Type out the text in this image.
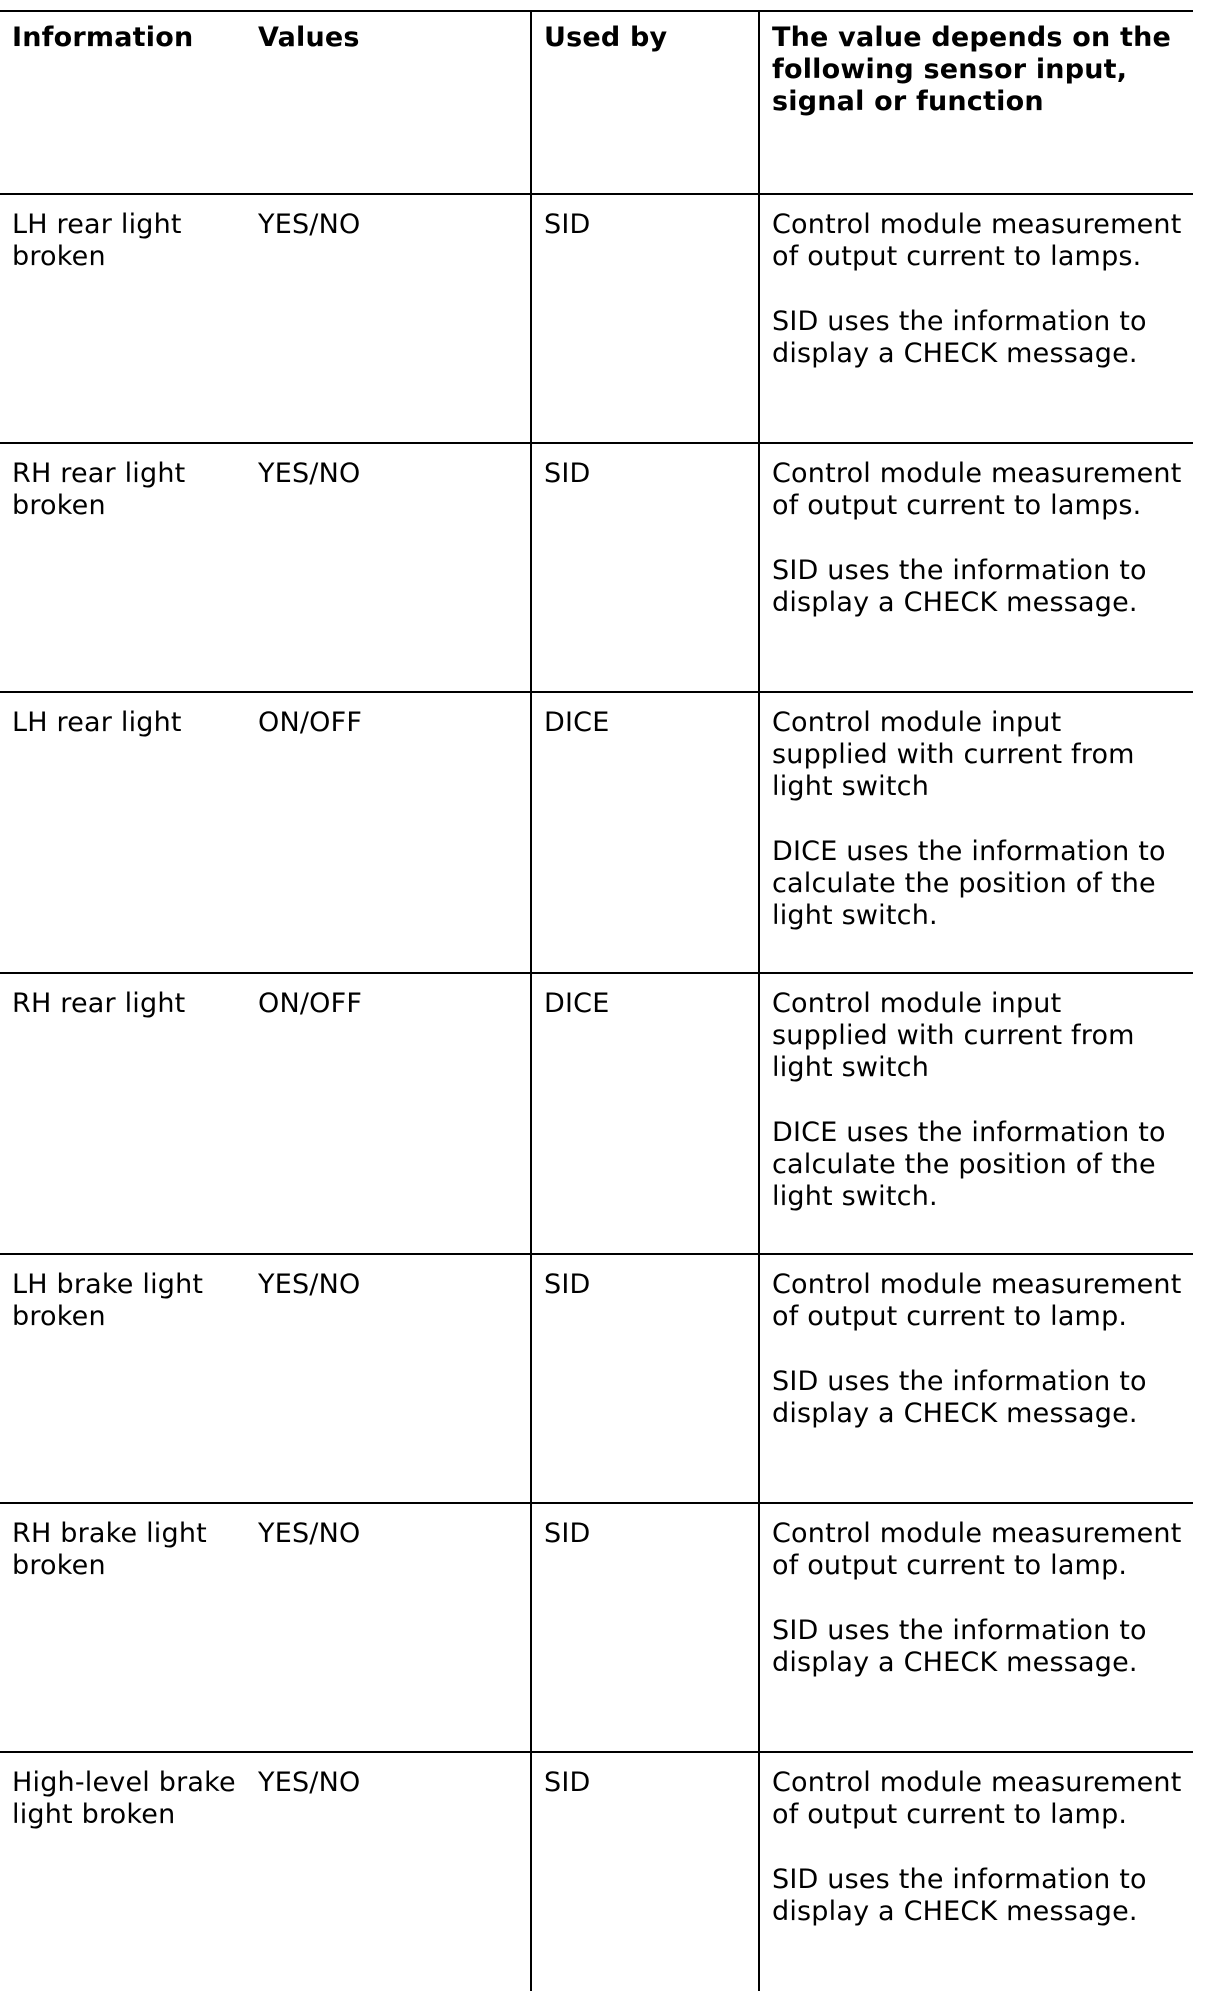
Information	Values	Used by	The value depends on the following sensor input, signal or function
LH rear light broken	YES/NO	SID	Control module measurement of output current to lamps.

SID uses the information to display a CHECK message.

RH rear light broken	YES/NO	SID	Control module measurement of output current to lamps.

SID uses the information to display a CHECK message.

LH rear light	ON/OFF	DICE	Control module input supplied with current from light switch

DICE uses the information to calculate the position of the light switch.

RH rear light	ON/OFF	DICE	Control module input supplied with current from light switch

DICE uses the information to calculate the position of the light switch.

LH brake light broken	YES/NO	SID	Control module measurement of output current to lamp.

SID uses the information to display a CHECK message.

RH brake light broken	YES/NO	SID	Control module measurement of output current to lamp.

SID uses the information to display a CHECK message.

High-level brake light broken	YES/NO	SID	Control module measurement of output current to lamp.

SID uses the information to display a CHECK message.
